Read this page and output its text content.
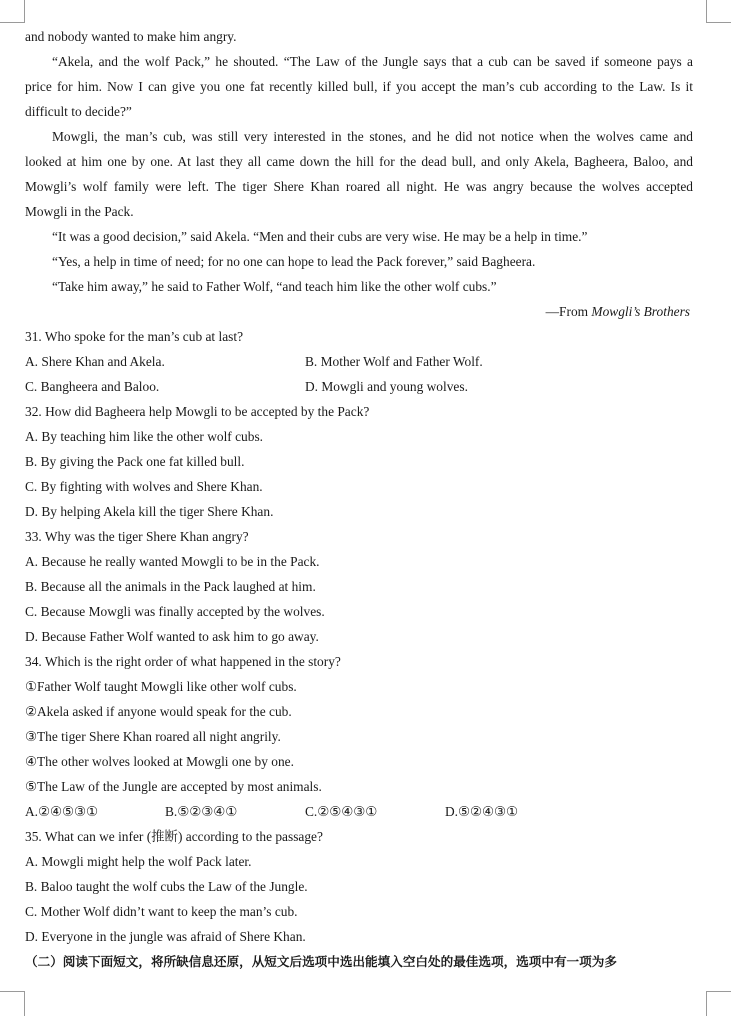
and nobody wanted to make him angry.
“Akela, and the wolf Pack,” he shouted. “The Law of the Jungle says that a cub can be saved if someone pays a
price for him. Now I can give you one fat recently killed bull, if you accept the man’s cub according to the Law. Is it
difficult to decide?”
Mowgli, the man’s cub, was still very interested in the stones, and he did not notice when the wolves came and
looked at him one by one. At last they all came down the hill for the dead bull, and only Akela, Bagheera, Baloo, and
Mowgli’s wolf family were left. The tiger Shere Khan roared all night. He was angry because the wolves accepted
Mowgli in the Pack.
“It was a good decision,” said Akela. “Men and their cubs are very wise. He may be a help in time.”
“Yes, a help in time of need; for no one can hope to lead the Pack forever,” said Bagheera.
“Take him away,” he said to Father Wolf, “and teach him like the other wolf cubs.”
—From Mowgli’s Brothers
31. Who spoke for the man’s cub at last?
A. Shere Khan and Akela.	B. Mother Wolf and Father Wolf.
C. Bangheera and Baloo.	D. Mowgli and young wolves.
32. How did Bagheera help Mowgli to be accepted by the Pack?
A. By teaching him like the other wolf cubs.
B. By giving the Pack one fat killed bull.
C. By fighting with wolves and Shere Khan.
D. By helping Akela kill the tiger Shere Khan.
33. Why was the tiger Shere Khan angry?
A. Because he really wanted Mowgli to be in the Pack.
B. Because all the animals in the Pack laughed at him.
C. Because Mowgli was finally accepted by the wolves.
D. Because Father Wolf wanted to ask him to go away.
34. Which is the right order of what happened in the story?
①Father Wolf taught Mowgli like other wolf cubs.
②Akela asked if anyone would speak for the cub.
③The tiger Shere Khan roared all night angrily.
④The other wolves looked at Mowgli one by one.
⑤The Law of the Jungle are accepted by most animals.
A.②④⑤③①	B.⑤②③④①	C.②⑤④③①	D.⑤②④③①
35. What can we infer (推断) according to the passage?
A. Mowgli might help the wolf Pack later.
B. Baloo taught the wolf cubs the Law of the Jungle.
C. Mother Wolf didn’t want to keep the man’s cub.
D. Everyone in the jungle was afraid of Shere Khan.
（二）阅读下面短文，将所缺信息还原，从短文后选项中选出能填入空白处的最佳选项，选项中有一项为多
